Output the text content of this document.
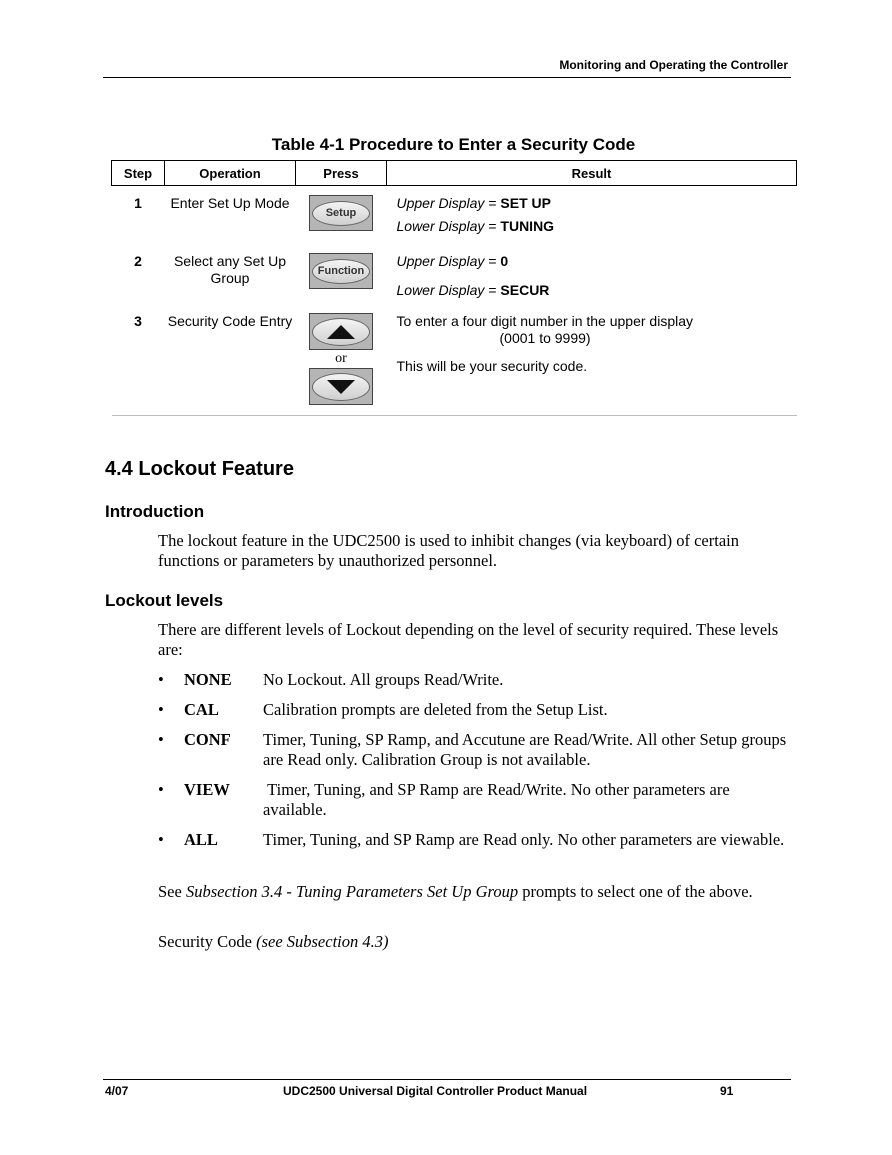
Monitoring and Operating the Controller
Table 4-1 Procedure to Enter a Security Code
Step	Operation	Press	Result
1	Enter Set Up Mode	Setup	Upper Display = SET UP
Lower Display = TUNING

2	Select any Set Up Group	Function	Upper Display = 0
Lower Display = SECUR

3	Security Code Entry	or	To enter a four digit number in the upper display
(0001 to 9999)
This will be your security code.
4.4 Lockout Feature
Introduction
The lockout feature in the UDC2500 is used to inhibit changes (via keyboard) of certain functions or parameters by unauthorized personnel.
Lockout levels
There are different levels of Lockout depending on the level of security required. These levels are:
•	NONE No Lockout. All groups Read/Write.
•	CAL	Calibration prompts are deleted from the Setup List.
•	CONF Timer, Tuning, SP Ramp, and Accutune are Read/Write. All other Setup groups are Read only. Calibration Group is not available.
•	VIEW Timer, Tuning, and SP Ramp are Read/Write. No other parameters are available.
•	ALL	Timer, Tuning, and SP Ramp are Read only. No other parameters are viewable.
See Subsection 3.4 - Tuning Parameters Set Up Group prompts to select one of the above.
Security Code (see Subsection 4.3)
4/07	UDC2500 Universal Digital Controller Product Manual	91
